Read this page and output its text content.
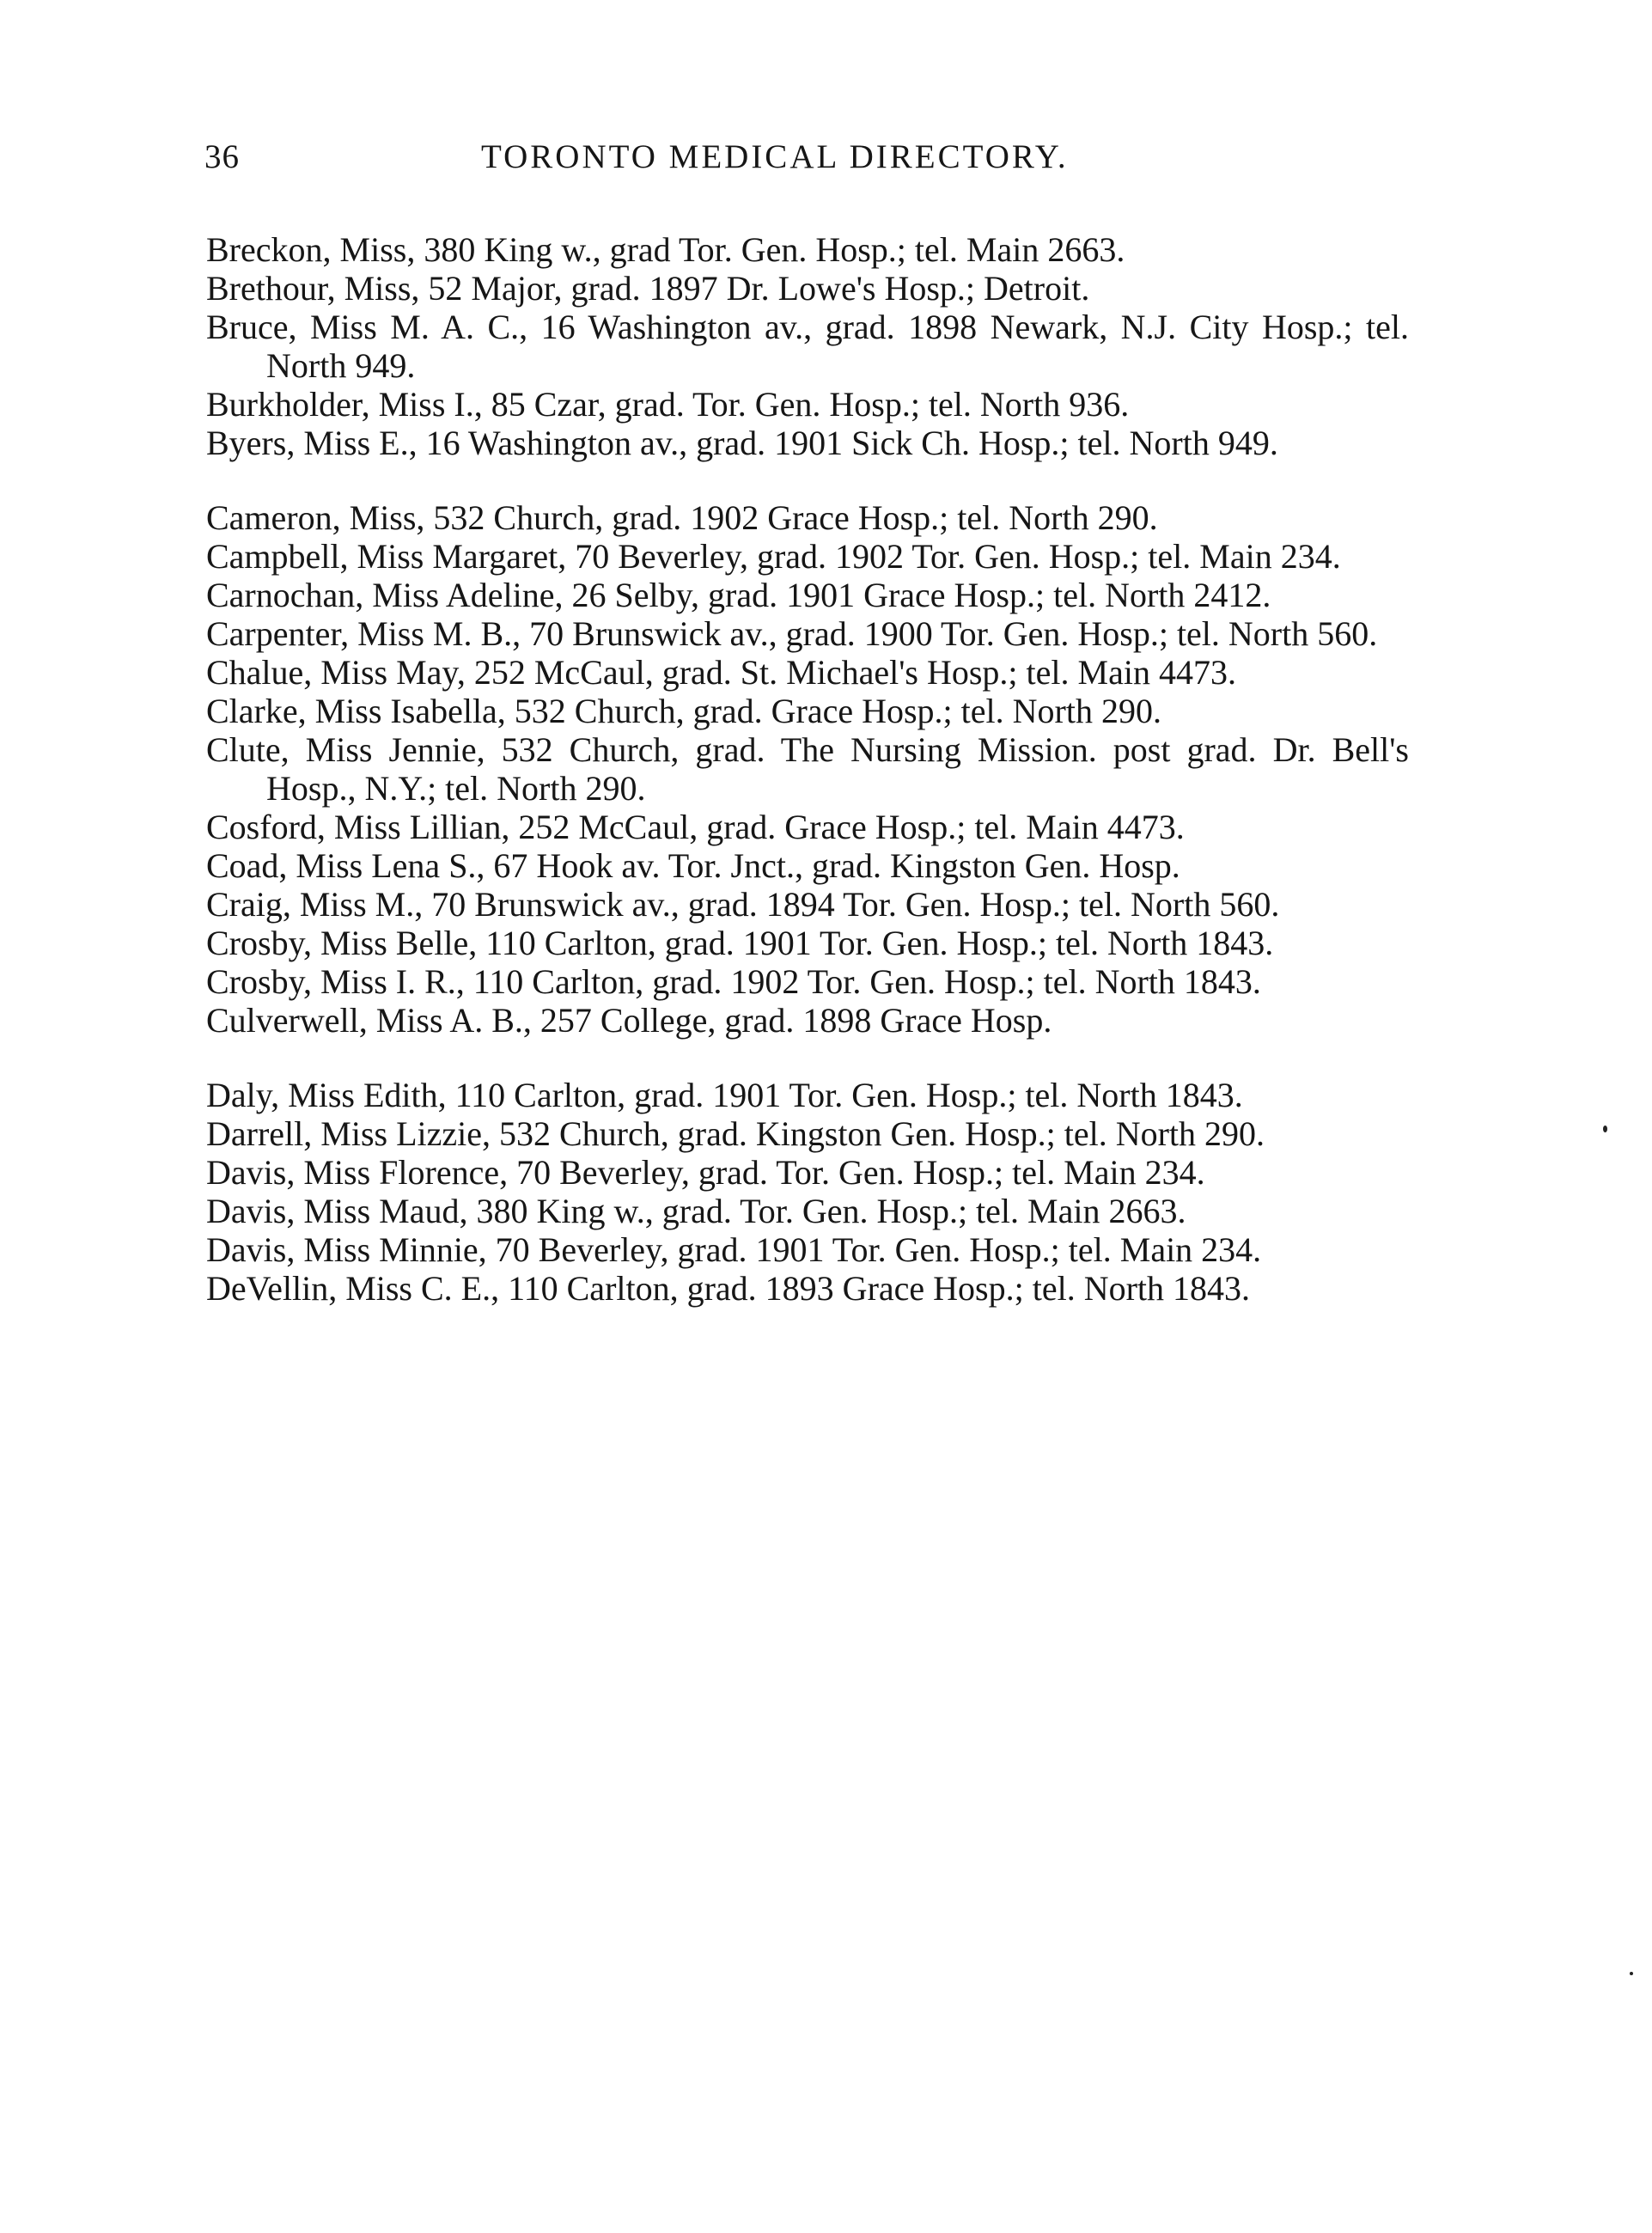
36	TORONTO MEDICAL DIRECTORY.

Breckon, Miss, 380 King w., grad Tor. Gen. Hosp.; tel. Main 2663.

Brethour, Miss, 52 Major, grad. 1897 Dr. Lowe's Hosp.; Detroit.

Bruce, Miss M. A. C., 16 Washington av., grad. 1898 Newark, N.J. City Hosp.; tel. North 949.

Burkholder, Miss I., 85 Czar, grad. Tor. Gen. Hosp.; tel. North 936.

Byers, Miss E., 16 Washington av., grad. 1901 Sick Ch. Hosp.; tel. North 949.

Cameron, Miss, 532 Church, grad. 1902 Grace Hosp.; tel. North 290.

Campbell, Miss Margaret, 70 Beverley, grad. 1902 Tor. Gen. Hosp.; tel. Main 234.

Carnochan, Miss Adeline, 26 Selby, grad. 1901 Grace Hosp.; tel. North 2412.

Carpenter, Miss M. B., 70 Brunswick av., grad. 1900 Tor. Gen. Hosp.; tel. North 560.

Chalue, Miss May, 252 McCaul, grad. St. Michael's Hosp.; tel. Main 4473.

Clarke, Miss Isabella, 532 Church, grad. Grace Hosp.; tel. North 290.

Clute, Miss Jennie, 532 Church, grad. The Nursing Mission. post grad. Dr. Bell's Hosp., N.Y.; tel. North 290.

Cosford, Miss Lillian, 252 McCaul, grad. Grace Hosp.; tel. Main 4473.

Coad, Miss Lena S., 67 Hook av. Tor. Jnct., grad. Kingston Gen. Hosp.

Craig, Miss M., 70 Brunswick av., grad. 1894 Tor. Gen. Hosp.; tel. North 560.

Crosby, Miss Belle, 110 Carlton, grad. 1901 Tor. Gen. Hosp.; tel. North 1843.

Crosby, Miss I. R., 110 Carlton, grad. 1902 Tor. Gen. Hosp.; tel. North 1843.

Culverwell, Miss A. B., 257 College, grad. 1898 Grace Hosp.

Daly, Miss Edith, 110 Carlton, grad. 1901 Tor. Gen. Hosp.; tel. North 1843.

Darrell, Miss Lizzie, 532 Church, grad. Kingston Gen. Hosp.; tel. North 290.

Davis, Miss Florence, 70 Beverley, grad. Tor. Gen. Hosp.; tel. Main 234.

Davis, Miss Maud, 380 King w., grad. Tor. Gen. Hosp.; tel. Main 2663.

Davis, Miss Minnie, 70 Beverley, grad. 1901 Tor. Gen. Hosp.; tel. Main 234.

DeVellin, Miss C. E., 110 Carlton, grad. 1893 Grace Hosp.; tel. North 1843.
